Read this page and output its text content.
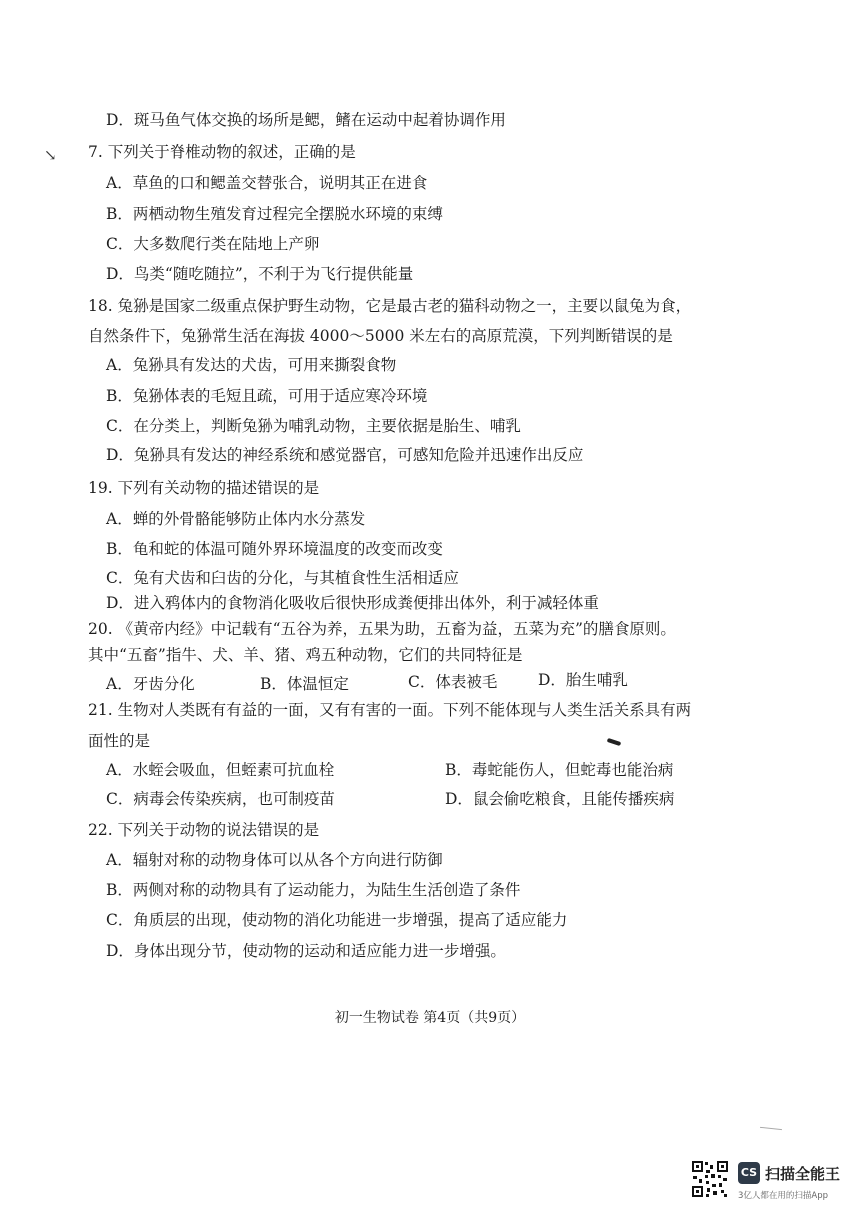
D．斑马鱼气体交换的场所是鳃，鳍在运动中起着协调作用
↘ 7. 下列关于脊椎动物的叙述，正确的是
A．草鱼的口和鳃盖交替张合，说明其正在进食
B．两栖动物生殖发育过程完全摆脱水环境的束缚
C．大多数爬行类在陆地上产卵
D．鸟类“随吃随拉”，不利于为飞行提供能量
18. 兔狲是国家二级重点保护野生动物，它是最古老的猫科动物之一，主要以鼠兔为食，
自然条件下，兔狲常生活在海拔 4000～5000 米左右的高原荒漠，下列判断错误的是
A．兔狲具有发达的犬齿，可用来撕裂食物
B．兔狲体表的毛短且疏，可用于适应寒冷环境
C．在分类上，判断兔狲为哺乳动物，主要依据是胎生、哺乳
D．兔狲具有发达的神经系统和感觉器官，可感知危险并迅速作出反应
19. 下列有关动物的描述错误的是
A．蝉的外骨骼能够防止体内水分蒸发
B．龟和蛇的体温可随外界环境温度的改变而改变
C．兔有犬齿和臼齿的分化，与其植食性生活相适应
D．进入鸦体内的食物消化吸收后很快形成粪便排出体外，利于减轻体重
20. 《黄帝内经》中记载有“五谷为养，五果为助，五畜为益，五菜为充”的膳食原则。
其中“五畜”指牛、犬、羊、猪、鸡五种动物，它们的共同特征是
A．牙齿分化	B．体温恒定	C．体表被毛	D．胎生哺乳
21. 生物对人类既有有益的一面，又有有害的一面。下列不能体现与人类生活关系具有两
面性的是
A．水蛭会吸血，但蛭素可抗血栓	B．毒蛇能伤人，但蛇毒也能治病
C．病毒会传染疾病，也可制疫苗	D．鼠会偷吃粮食，且能传播疾病
22. 下列关于动物的说法错误的是
A．辐射对称的动物身体可以从各个方向进行防御
B．两侧对称的动物具有了运动能力，为陆生生活创造了条件
C．角质层的出现，使动物的消化功能进一步增强，提高了适应能力
D．身体出现分节，使动物的运动和适应能力进一步增强。
初一生物试卷 第4页（共9页）
CS 扫描全能王
3亿人都在用的扫描App
